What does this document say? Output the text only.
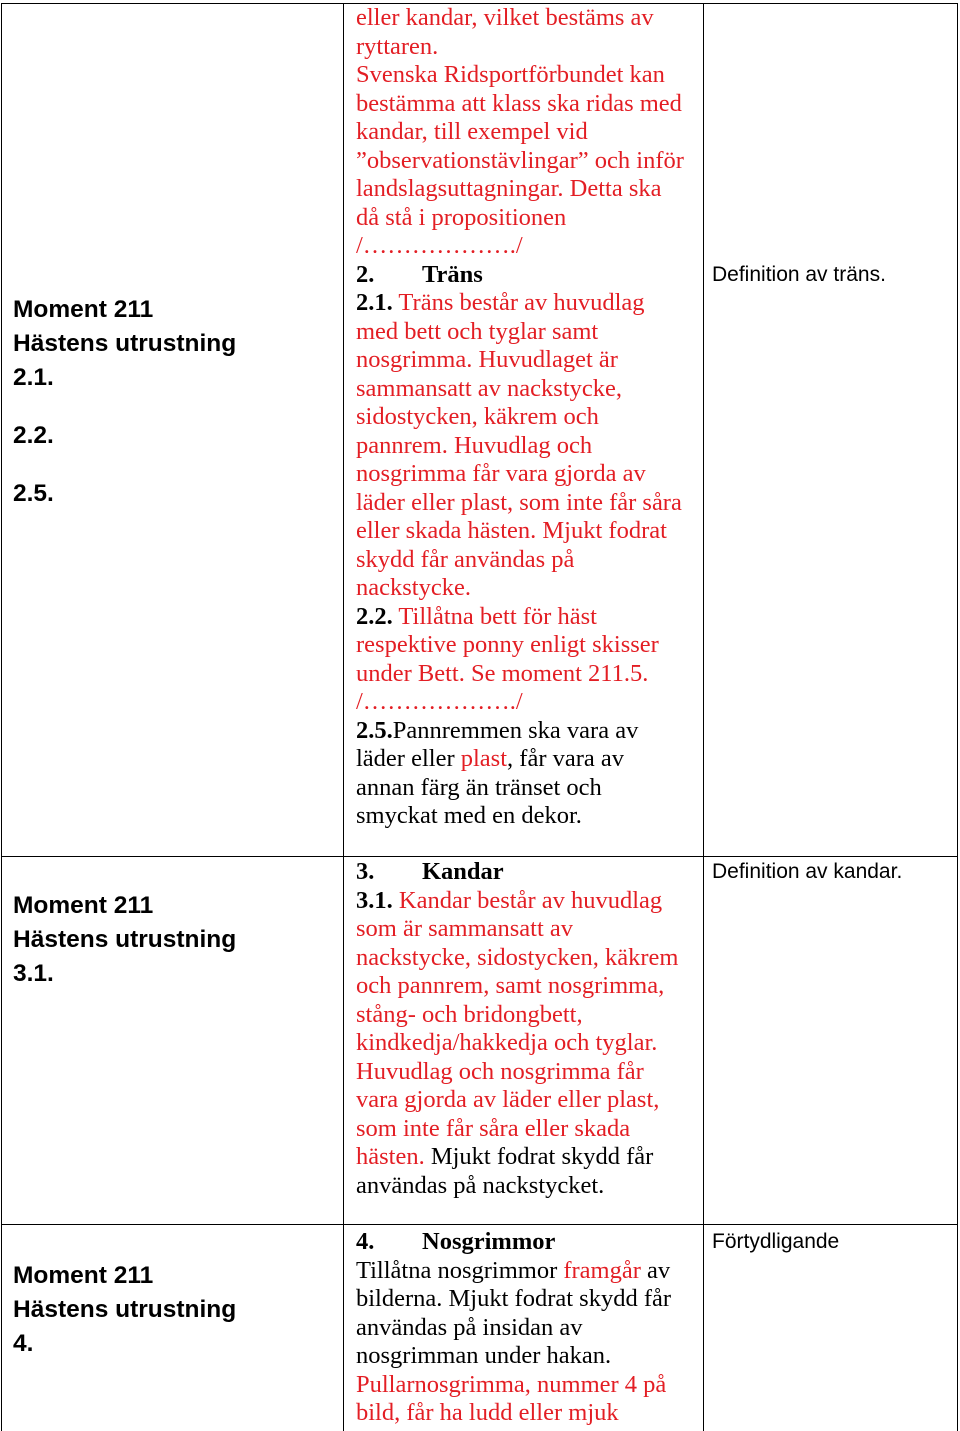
Moment 211
Hästens utrustning
2.1.
2.2.
2.5.
eller kandar, vilket bestäms av
ryttaren.
Svenska Ridsportförbundet kan
bestämma att klass ska ridas med
kandar, till exempel vid
”observationstävlingar” och inför
landslagsuttagningar. Detta ska
då stå i propositionen
/………………./
2. Träns
2.1. Träns består av huvudlag
med bett och tyglar samt
nosgrimma. Huvudlaget är
sammansatt av nackstycke,
sidostycken, käkrem och
pannrem. Huvudlag och
nosgrimma får vara gjorda av
läder eller plast, som inte får såra
eller skada hästen. Mjukt fodrat
skydd får användas på
nackstycke.
2.2. Tillåtna bett för häst
respektive ponny enligt skisser
under Bett. Se moment 211.5.
/………………./
2.5.Pannremmen ska vara av
läder eller plast, får vara av
annan färg än tränset och
smyckat med en dekor.
Definition av träns.
Moment 211
Hästens utrustning
3.1.
3. Kandar
3.1. Kandar består av huvudlag
som är sammansatt av
nackstycke, sidostycken, käkrem
och pannrem, samt nosgrimma,
stång- och bridongbett,
kindkedja/hakkedja och tyglar.
Huvudlag och nosgrimma får
vara gjorda av läder eller plast,
som inte får såra eller skada
hästen. Mjukt fodrat skydd får
användas på nackstycket.
Definition av kandar.
Moment 211
Hästens utrustning
4.
4. Nosgrimmor
Tillåtna nosgrimmor framgår av
bilderna. Mjukt fodrat skydd får
användas på insidan av
nosgrimman under hakan.
Pullarnosgrimma, nummer 4 på
bild, får ha ludd eller mjuk
Förtydligande
